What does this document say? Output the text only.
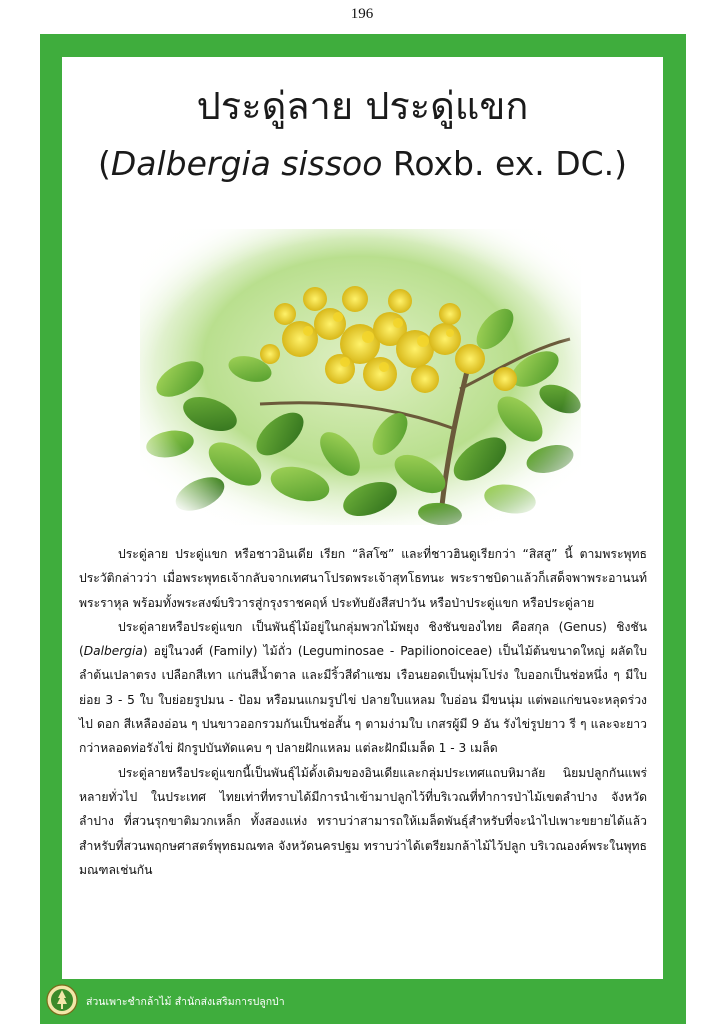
196
ประดู่ลาย ประดู่แขก
(Dalbergia sissoo Roxb. ex. DC.)

ประดู่ลาย ประดู่แขก หรือชาวอินเดีย เรียก “ลิสโซ” และที่ชาวฮินดูเรียกว่า “สิสสู” นี้ ตามพระพุทธประวัติกล่าวว่า เมื่อพระพุทธเจ้ากลับจากเทศนาโปรดพระเจ้าสุทโธทนะ พระราชบิดาแล้วก็เสด็จพาพระอานนท์ พระราหุล พร้อมทั้งพระสงฆ์บริวารสู่กรุงราชคฤห์ ประทับยังสีสปาวัน หรือป่าประดู่แขก หรือประดู่ลาย

ประดู่ลายหรือประดู่แขก เป็นพันธุ์ไม้อยู่ในกลุ่มพวกไม้พยุง ชิงชันของไทย คือสกุล (Genus) ชิงชัน (Dalbergia) อยู่ในวงศ์ (Family) ไม้ถั่ว (Leguminosae - Papilionoiceae) เป็นไม้ต้นขนาดใหญ่ ผลัดใบลำต้นเปลาตรง เปลือกสีเทา แก่นสีน้ำตาล และมีริ้วสีดำแซม เรือนยอดเป็นพุ่มโปร่ง ใบออกเป็นช่อหนึ่ง ๆ มีใบย่อย 3 - 5 ใบ ใบย่อยรูปมน - ป้อม หรือมนแกมรูปไข่ ปลายใบแหลม ใบอ่อน มีขนนุ่ม แต่พอแก่ขนจะหลุดร่วงไป ดอก สีเหลืองอ่อน ๆ ปนขาวออกรวมกันเป็นช่อสั้น ๆ ตามง่ามใบ เกสรผู้มี 9 อัน รังไข่รูปยาว รี ๆ และจะยาวกว่าหลอดท่อรังไข่ ฝักรูปบันทัดแคบ ๆ ปลายฝักแหลม แต่ละฝักมีเมล็ด 1 - 3 เมล็ด

ประดู่ลายหรือประดู่แขกนี้เป็นพันธุ์ไม้ดั้งเดิมของอินเดียและกลุ่มประเทศแถบหิมาลัย นิยมปลูกกันแพร่หลายทั่วไป ในประเทศ ไทยเท่าที่ทราบได้มีการนำเข้ามาปลูกไว้ที่บริเวณที่ทำการป่าไม้เขตลำปาง จังหวัดลำปาง ที่สวนรุกขาติมวกเหล็ก ทั้งสองแห่ง ทราบว่าสามารถให้เมล็ดพันธุ์สำหรับที่จะนำไปเพาะขยายได้แล้ว สำหรับที่สวนพฤกษศาสตร์พุทธมณฑล จังหวัดนครปฐม ทราบว่าได้เตรียมกล้าไม้ไว้ปลูก บริเวณองค์พระในพุทธมณฑลเช่นกัน

ส่วนเพาะชำกล้าไม้ สำนักส่งเสริมการปลูกป่า
